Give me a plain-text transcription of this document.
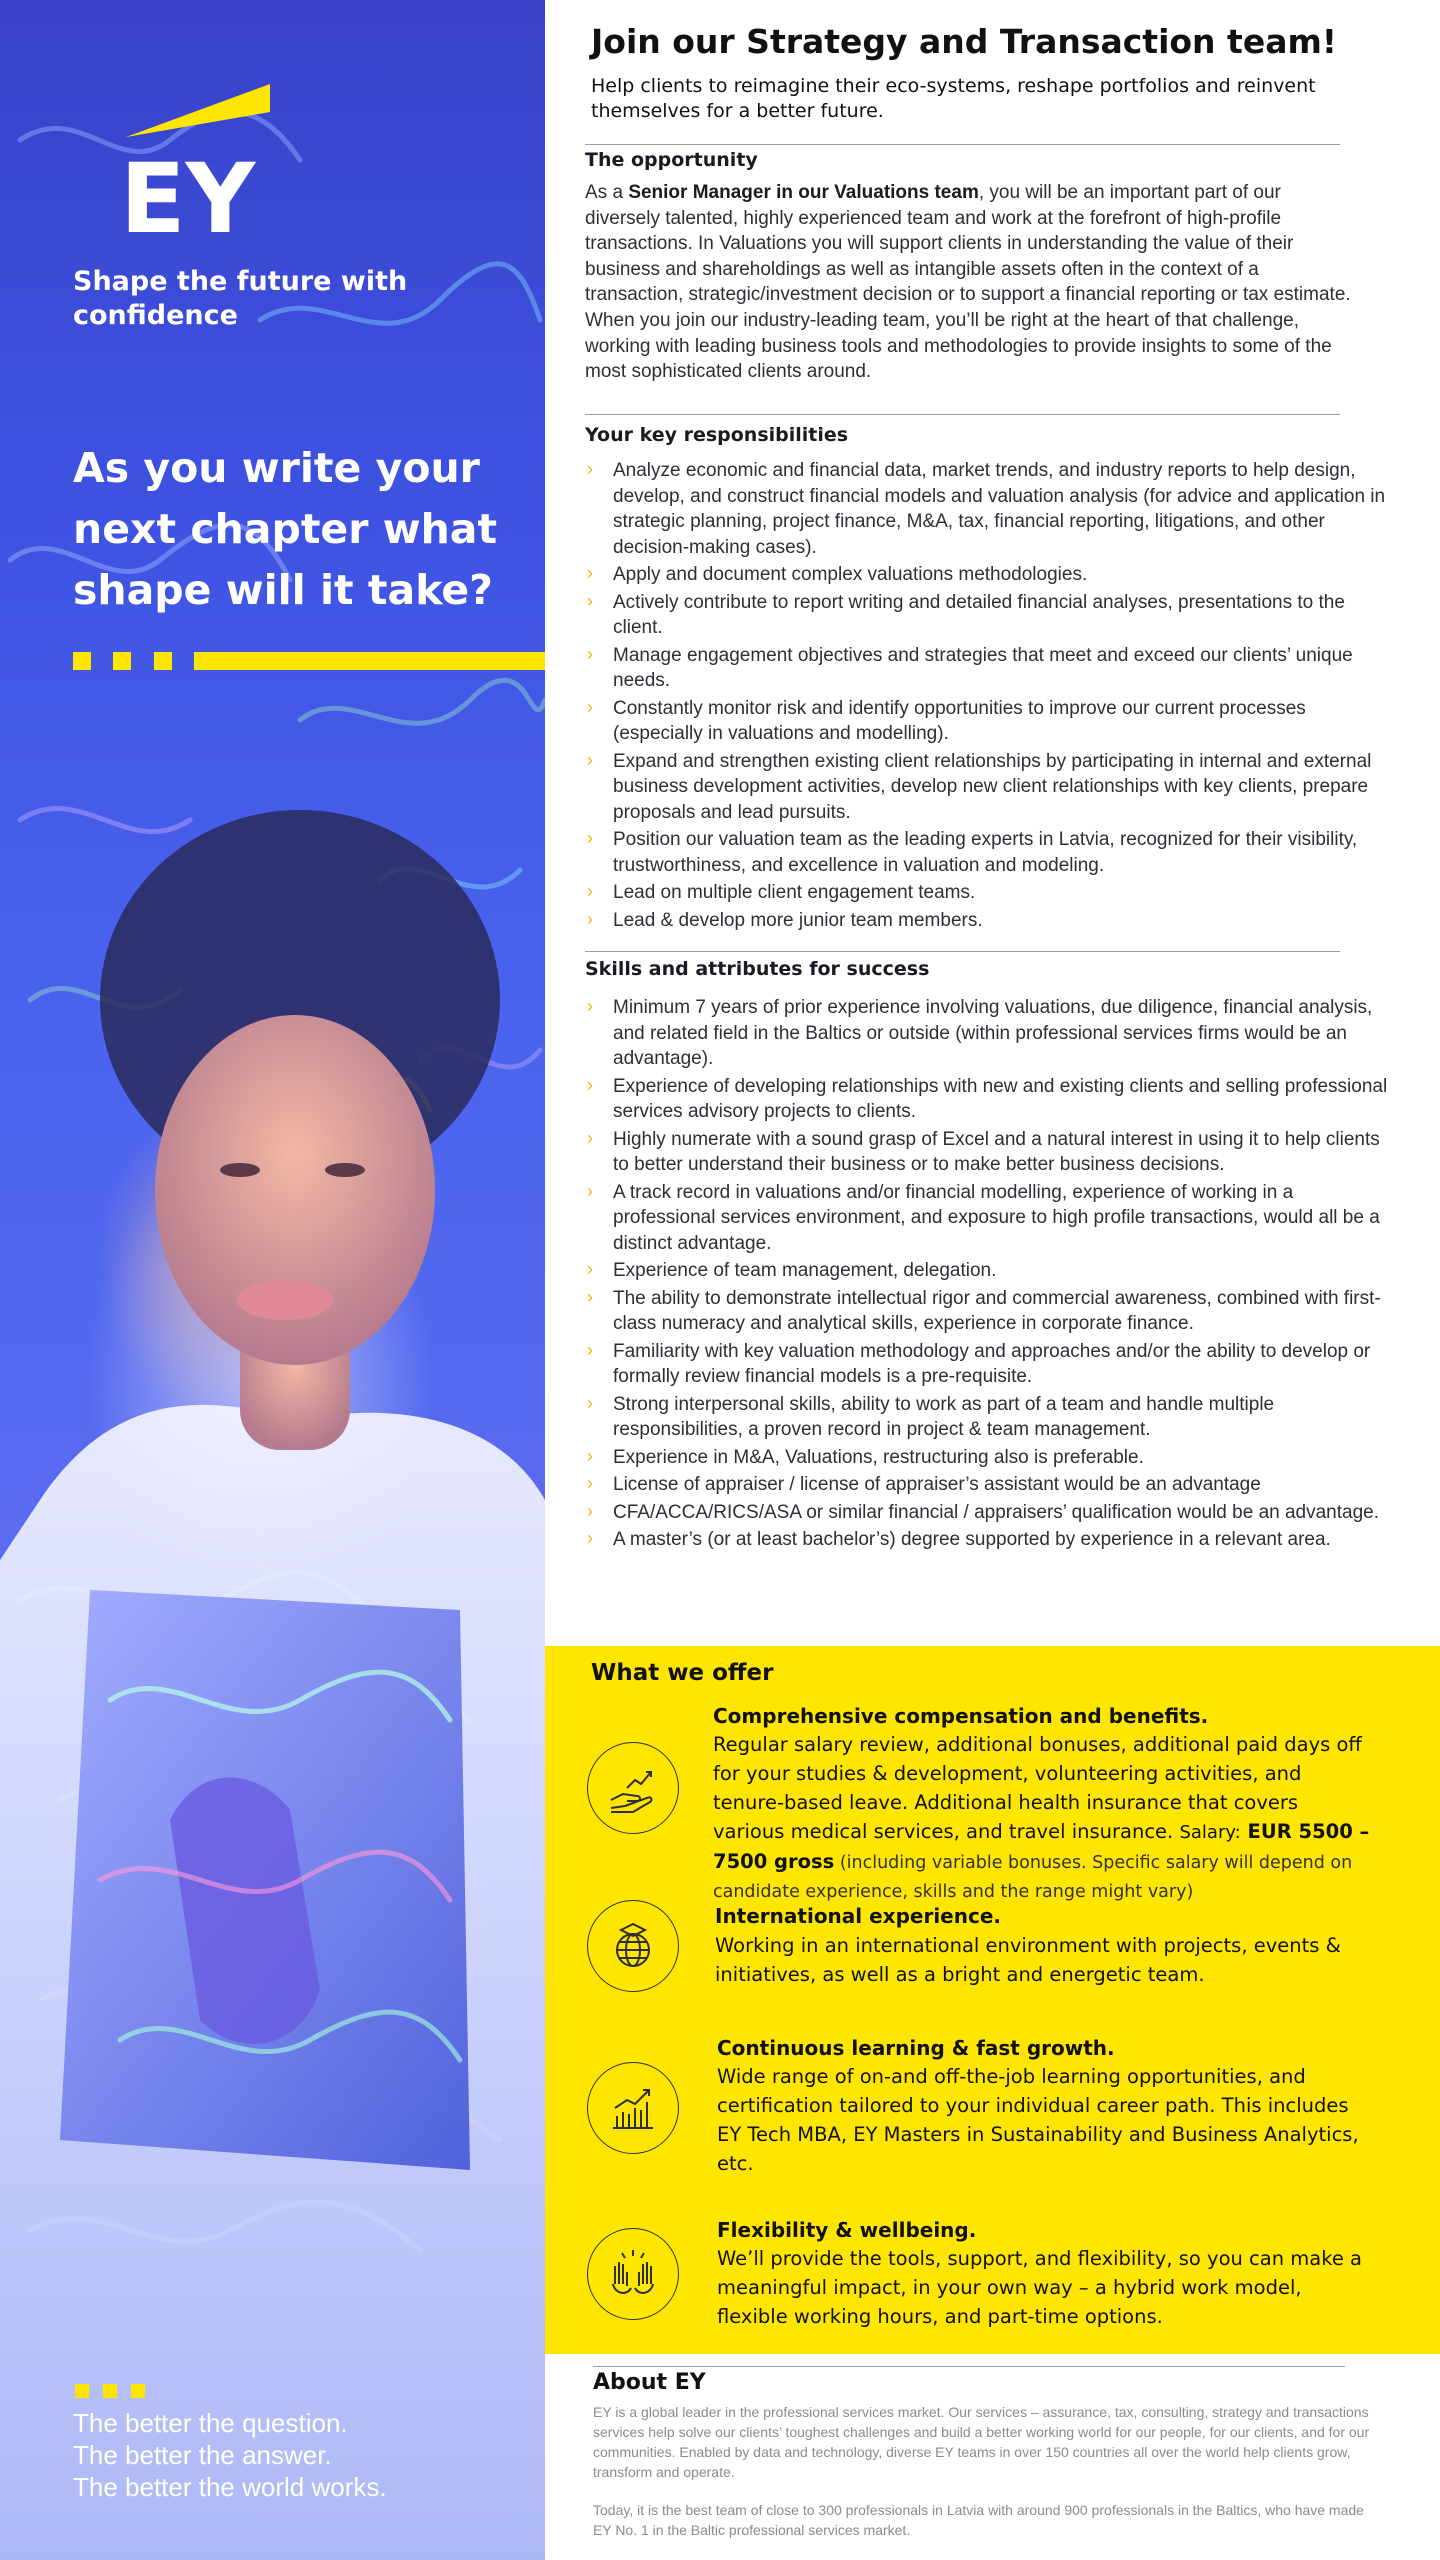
EY
Shape the future with confidence
As you write your next chapter what shape will it take?
The better the question.
The better the answer.
The better the world works.
Join our Strategy and Transaction team!
Help clients to reimagine their eco-systems, reshape portfolios and reinvent themselves for a better future.
The opportunity
As a Senior Manager in our Valuations team, you will be an important part of our diversely talented, highly experienced team and work at the forefront of high-profile transactions. In Valuations you will support clients in understanding the value of their business and shareholdings as well as intangible assets often in the context of a transaction, strategic/investment decision or to support a financial reporting or tax estimate. When you join our industry-leading team, you’ll be right at the heart of that challenge, working with leading business tools and methodologies to provide insights to some of the most sophisticated clients around.
Your key responsibilities
› Analyze economic and financial data, market trends, and industry reports to help design, develop, and construct financial models and valuation analysis (for advice and application in strategic planning, project finance, M&A, tax, financial reporting, litigations, and other decision-making cases).
› Apply and document complex valuations methodologies.
› Actively contribute to report writing and detailed financial analyses, presentations to the client.
› Manage engagement objectives and strategies that meet and exceed our clients’ unique needs.
› Constantly monitor risk and identify opportunities to improve our current processes (especially in valuations and modelling).
› Expand and strengthen existing client relationships by participating in internal and external business development activities, develop new client relationships with key clients, prepare proposals and lead pursuits.
› Position our valuation team as the leading experts in Latvia, recognized for their visibility, trustworthiness, and excellence in valuation and modeling.
› Lead on multiple client engagement teams.
› Lead & develop more junior team members.
Skills and attributes for success
› Minimum 7 years of prior experience involving valuations, due diligence, financial analysis, and related field in the Baltics or outside (within professional services firms would be an advantage).
› Experience of developing relationships with new and existing clients and selling professional services advisory projects to clients.
› Highly numerate with a sound grasp of Excel and a natural interest in using it to help clients to better understand their business or to make better business decisions.
› A track record in valuations and/or financial modelling, experience of working in a professional services environment, and exposure to high profile transactions, would all be a distinct advantage.
› Experience of team management, delegation.
› The ability to demonstrate intellectual rigor and commercial awareness, combined with first-class numeracy and analytical skills, experience in corporate finance.
› Familiarity with key valuation methodology and approaches and/or the ability to develop or formally review financial models is a pre-requisite.
› Strong interpersonal skills, ability to work as part of a team and handle multiple responsibilities, a proven record in project & team management.
› Experience in M&A, Valuations, restructuring also is preferable.
› License of appraiser / license of appraiser’s assistant would be an advantage
› CFA/ACCA/RICS/ASA or similar financial / appraisers’ qualification would be an advantage.
› A master’s (or at least bachelor’s) degree supported by experience in a relevant area.
What we offer
Comprehensive compensation and benefits.
Regular salary review, additional bonuses, additional paid days off for your studies & development, volunteering activities, and tenure-based leave. Additional health insurance that covers various medical services, and travel insurance. Salary: EUR 5500 – 7500 gross (including variable bonuses. Specific salary will depend on candidate experience, skills and the range might vary)
International experience.
Working in an international environment with projects, events & initiatives, as well as a bright and energetic team.
Continuous learning & fast growth.
Wide range of on-and off-the-job learning opportunities, and certification tailored to your individual career path. This includes EY Tech MBA, EY Masters in Sustainability and Business Analytics, etc.
Flexibility & wellbeing.
We’ll provide the tools, support, and flexibility, so you can make a meaningful impact, in your own way – a hybrid work model, flexible working hours, and part-time options.
About EY
EY is a global leader in the professional services market. Our services – assurance, tax, consulting, strategy and transactions services help solve our clients’ toughest challenges and build a better working world for our people, for our clients, and for our communities. Enabled by data and technology, diverse EY teams in over 150 countries all over the world help clients grow, transform and operate.
Today, it is the best team of close to 300 professionals in Latvia with around 900 professionals in the Baltics, who have made EY No. 1 in the Baltic professional services market.
